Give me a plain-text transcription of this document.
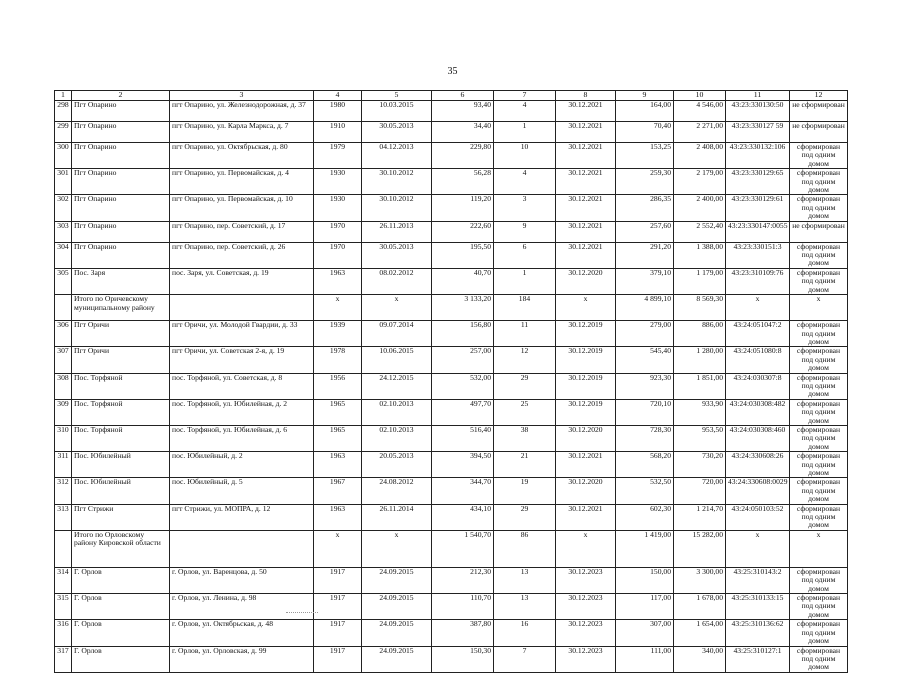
35
1	2	3	4	5	6	7	8	9	10	11	12
298	Пгт Опарино	пгт Опарино, ул. Железнодорожная, д. 37	1980	10.03.2015	93,40	4	30.12.2021	164,00	4 546,00	43:23:330130:50	не сформирован
299	Пгт Опарино	пгт Опарино, ул. Карла Маркса, д. 7	1910	30.05.2013	34,40	1	30.12.2021	70,40	2 271,00	43:23:330127 59	не сформирован
300	Пгт Опарино	пгт Опарино, ул. Октябрьская, д. 80	1979	04.12.2013	229,80	10	30.12.2021	153,25	2 408,00	43:23:330132:106	сформирован под одним домом
301	Пгт Опарино	пгт Опарино, ул. Первомайская, д. 4	1930	30.10.2012	56,28	4	30.12.2021	259,30	2 179,00	43:23:330129:65	сформирован под одним домом
302	Пгт Опарино	пгт Опарино, ул. Первомайская, д. 10	1930	30.10.2012	119,20	3	30.12.2021	286,35	2 400,00	43:23:330129:61	сформирован под одним домом
303	Пгт Опарино	пгт Опарино, пер. Советский, д. 17	1970	26.11.2013	222,60	9	30.12.2021	257,60	2 552,40	43:23:330147:0055	не сформирован
304	Пгт Опарино	пгт Опарино, пер. Советский, д. 26	1970	30.05.2013	195,50	6	30.12.2021	291,20	1 388,00	43:23:330151:3	сформирован под одним домом
305	Пос. Заря	пос. Заря, ул. Советская, д. 19	1963	08.02.2012	40,70	1	30.12.2020	379,10	1 179,00	43:23:310109:76	сформирован под одним домом
	Итого по Оричевскому муниципальному району		х	х	3 133,20	184	х	4 899,10	8 569,30	х	х
306	Пгт Оричи	пгт Оричи, ул. Молодой Гвардии, д. 33	1939	09.07.2014	156,80	11	30.12.2019	279,00	886,00	43:24:051047:2	сформирован под одним домом
307	Пгт Оричи	пгт Оричи, ул. Советская 2-я, д. 19	1978	10.06.2015	257,00	12	30.12.2019	545,40	1 280,00	43:24:051080:8	сформирован под одним домом
308	Пос. Торфяной	пос. Торфяной, ул. Советская, д. 8	1956	24.12.2015	532,00	29	30.12.2019	923,30	1 851,00	43:24:030307:8	сформирован под одним домом
309	Пос. Торфяной	пос. Торфяной, ул. Юбилейная, д. 2	1965	02.10.2013	497,70	25	30.12.2019	720,10	933,90	43:24:030308:482	сформирован под одним домом
310	Пос. Торфяной	пос. Торфяной, ул. Юбилейная, д. 6	1965	02.10.2013	516,40	38	30.12.2020	728,30	953,50	43:24:030308:460	сформирован под одним домом
311	Пос. Юбилейный	пос. Юбилейный, д. 2	1963	20.05.2013	394,50	21	30.12.2021	568,20	730,20	43:24:330608:26	сформирован под одним домом
312	Пос. Юбилейный	пос. Юбилейный, д. 5	1967	24.08.2012	344,70	19	30.12.2020	532,50	720,00	43:24:330608:0029	сформирован под одним домом
313	Пгт Стрижи	пгт Стрижи, ул. МОПРА, д. 12	1963	26.11.2014	434,10	29	30.12.2021	602,30	1 214,70	43:24:050103:52	сформирован под одним домом
	Итого по Орловскому району Кировской области		х	х	1 540,70	86	х	1 419,00	15 282,00	х	х
314	Г. Орлов	г. Орлов, ул. Варенцова, д. 50	1917	24.09.2015	212,30	13	30.12.2023	150,00	3 300,00	43:25:310143:2	сформирован под одним домом
315	Г. Орлов	г. Орлов, ул. Ленина, д. 98	1917	24.09.2015	110,70	13	30.12.2023	117,00	1 678,00	43:25:310133:15	сформирован под одним домом
316	Г. Орлов	г. Орлов, ул. Октябрьская, д. 48	1917	24.09.2015	387,80	16	30.12.2023	307,00	1 654,00	43:25:310136:62	сформирован под одним домом
317	Г. Орлов	г. Орлов, ул. Орловская, д. 99	1917	24.09.2015	150,30	7	30.12.2023	111,00	340,00	43:25:310127:1	сформирован под одним домом
